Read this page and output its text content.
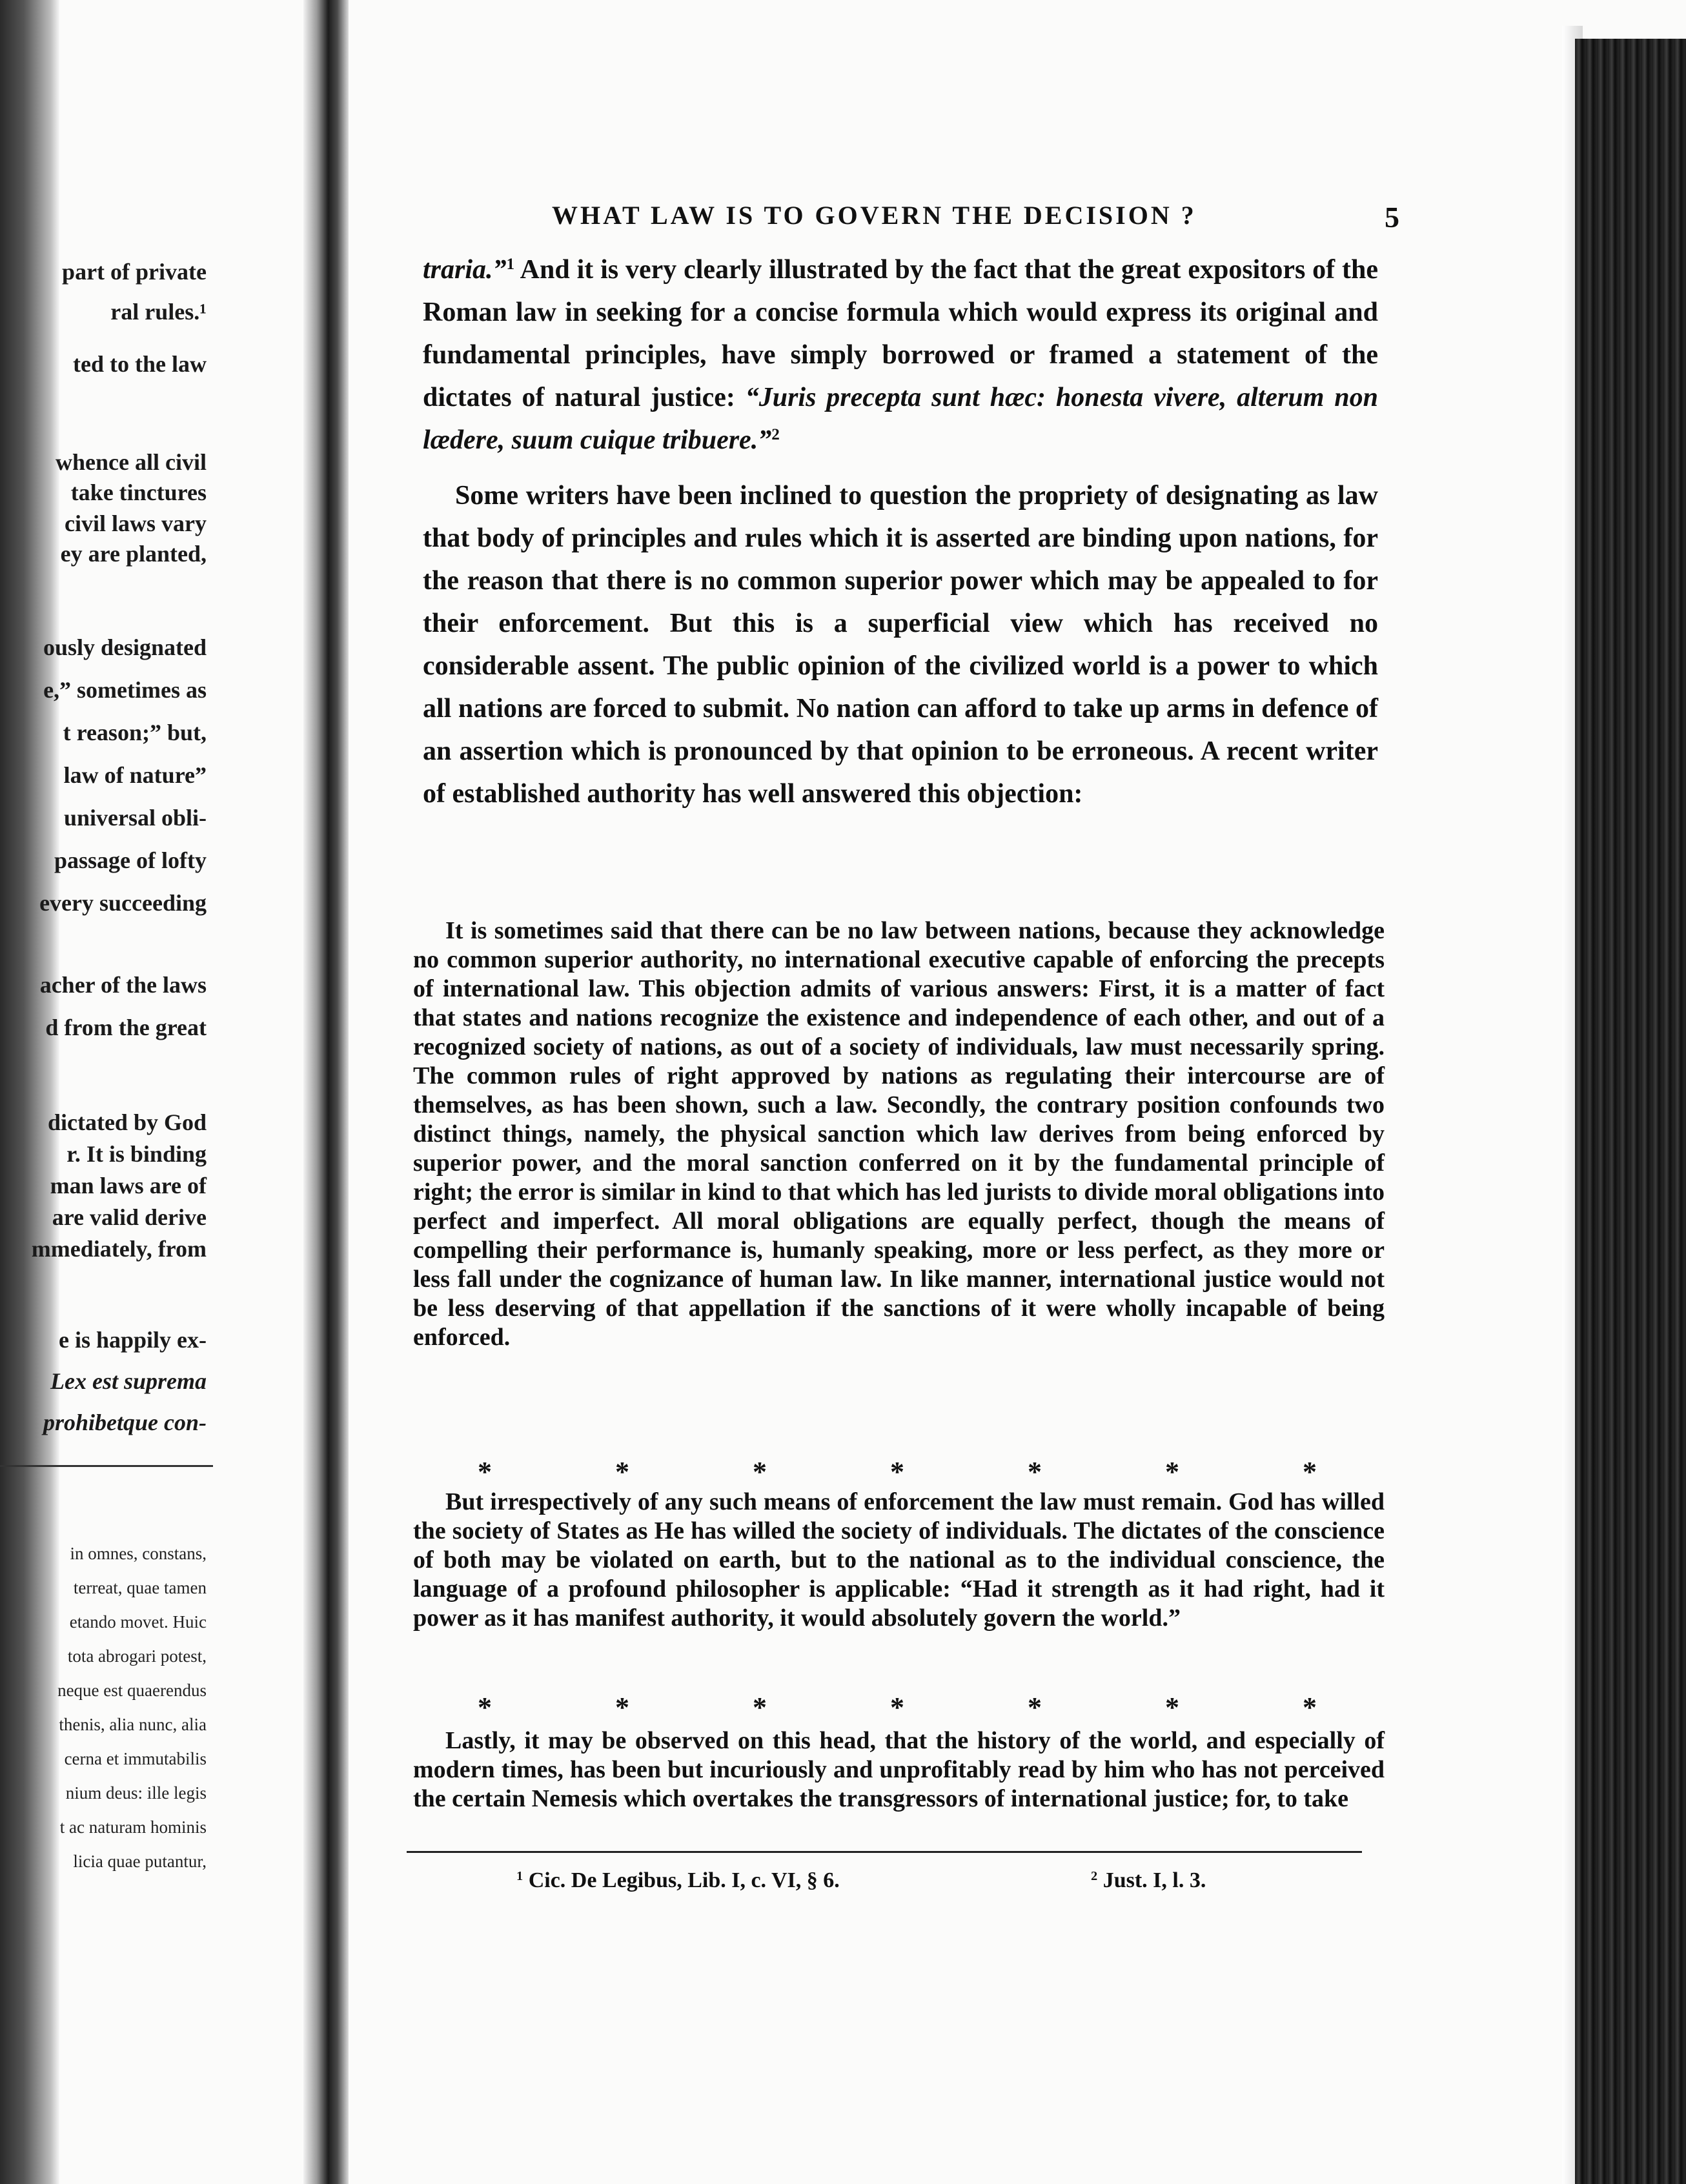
part of private
ral rules.¹
ted to the law
whence all civil
take tinctures
civil laws vary
ey are planted,
ously designated
e,” sometimes as
t reason;” but,
law of nature”
universal obli-
passage of lofty
every succeeding
acher of the laws
d from the great
dictated by God
r. It is binding
man laws are of
are valid derive
mmediately, from
e is happily ex-
Lex est suprema
prohibetque con-
in omnes, constans,
terreat, quae tamen
etando movet. Huic
tota abrogari potest,
neque est quaerendus
thenis, alia nunc, alia
cerna et immutabilis
nium deus: ille legis
t ac naturam hominis
licia quae putantur,
WHAT LAW IS TO GOVERN THE DECISION ?	5

traria.”$^1$ And it is very clearly illustrated by the fact that the great expositors of the Roman law in seeking for a concise formula which would express its original and fundamental principles, have simply borrowed or framed a statement of the dictates of natural justice: “Juris precepta sunt hæc: honesta vivere, alterum non lædere, suum cuique tribuere.”$^2$

Some writers have been inclined to question the propriety of designating as law that body of principles and rules which it is asserted are binding upon nations, for the reason that there is no common superior power which may be appealed to for their enforcement. But this is a superficial view which has received no considerable assent. The public opinion of the civilized world is a power to which all nations are forced to submit. No nation can afford to take up arms in defence of an assertion which is pronounced by that opinion to be erroneous. A recent writer of established authority has well answered this objection:

It is sometimes said that there can be no law between nations, because they acknowledge no common superior authority, no international executive capable of enforcing the precepts of international law. This objection admits of various answers: First, it is a matter of fact that states and nations recognize the existence and independence of each other, and out of a recognized society of nations, as out of a society of individuals, law must necessarily spring. The common rules of right approved by nations as regulating their intercourse are of themselves, as has been shown, such a law. Secondly, the contrary position confounds two distinct things, namely, the physical sanction which law derives from being enforced by superior power, and the moral sanction conferred on it by the fundamental principle of right; the error is similar in kind to that which has led jurists to divide moral obligations into perfect and imperfect. All moral obligations are equally perfect, though the means of compelling their performance is, humanly speaking, more or less perfect, as they more or less fall under the cognizance of human law. In like manner, international justice would not be less deserving of that appellation if the sanctions of it were wholly incapable of being enforced.

*	*	*	*	*	*	*

But irrespectively of any such means of enforcement the law must remain. God has willed the society of States as He has willed the society of individuals. The dictates of the conscience of both may be violated on earth, but to the national as to the individual conscience, the language of a profound philosopher is applicable: “Had it strength as it had right, had it power as it has manifest authority, it would absolutely govern the world.”

*	*	*	*	*	*	*

Lastly, it may be observed on this head, that the history of the world, and especially of modern times, has been but incuriously and unprofitably read by him who has not perceived the certain Nemesis which overtakes the transgressors of international justice; for, to take

$^1$ Cic. De Legibus, Lib. I, c. VI, § 6.	$^2$ Just. I, l. 3.
